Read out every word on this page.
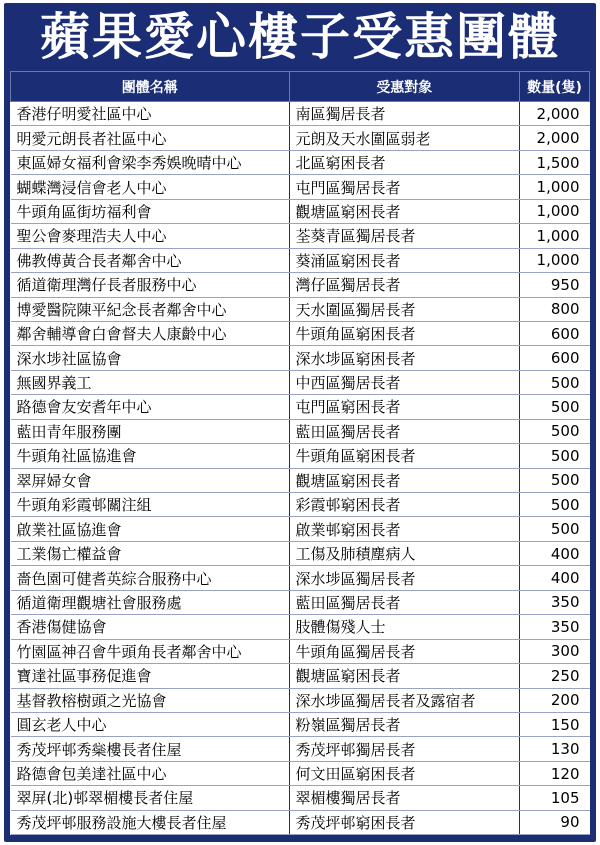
蘋果愛心樓子受惠團體
團體名稱	受惠對象	數量(隻)
香港仔明愛社區中心	南區獨居長者	2,000
明愛元朗長者社區中心	元朗及天水圍區弱老	2,000
東區婦女福利會梁李秀娛晚晴中心	北區窮困長者	1,500
蝴蝶灣浸信會老人中心	屯門區獨居長者	1,000
牛頭角區街坊福利會	觀塘區窮困長者	1,000
聖公會麥理浩夫人中心	荃葵青區獨居長者	1,000
佛教傅黃合長者鄰舍中心	葵涌區窮困長者	1,000
循道衛理灣仔長者服務中心	灣仔區獨居長者	950
博愛醫院陳平紀念長者鄰舍中心	天水圍區獨居長者	800
鄰舍輔導會白會督夫人康齡中心	牛頭角區窮困長者	600
深水埗社區協會	深水埗區窮困長者	600
無國界義工	中西區獨居長者	500
路德會友安耆年中心	屯門區窮困長者	500
藍田青年服務團	藍田區獨居長者	500
牛頭角社區協進會	牛頭角區窮困長者	500
翠屏婦女會	觀塘區窮困長者	500
牛頭角彩霞邨關注組	彩霞邨窮困長者	500
啟業社區協進會	啟業邨窮困長者	500
工業傷亡權益會	工傷及肺積塵病人	400
嗇色園可健耆英綜合服務中心	深水埗區獨居長者	400
循道衛理觀塘社會服務處	藍田區獨居長者	350
香港傷健協會	肢體傷殘人士	350
竹園區神召會牛頭角長者鄰舍中心	牛頭角區獨居長者	300
寶達社區事務促進會	觀塘區窮困長者	250
基督教榕樹頭之光協會	深水埗區獨居長者及露宿者	200
圓玄老人中心	粉嶺區獨居長者	150
秀茂坪邨秀橤樓長者住屋	秀茂坪邨獨居長者	130
路德會包美達社區中心	何文田區窮困長者	120
翠屏(北)邨翠楣樓長者住屋	翠楣樓獨居長者	105
秀茂坪邨服務設施大樓長者住屋	秀茂坪邨窮困長者	90
